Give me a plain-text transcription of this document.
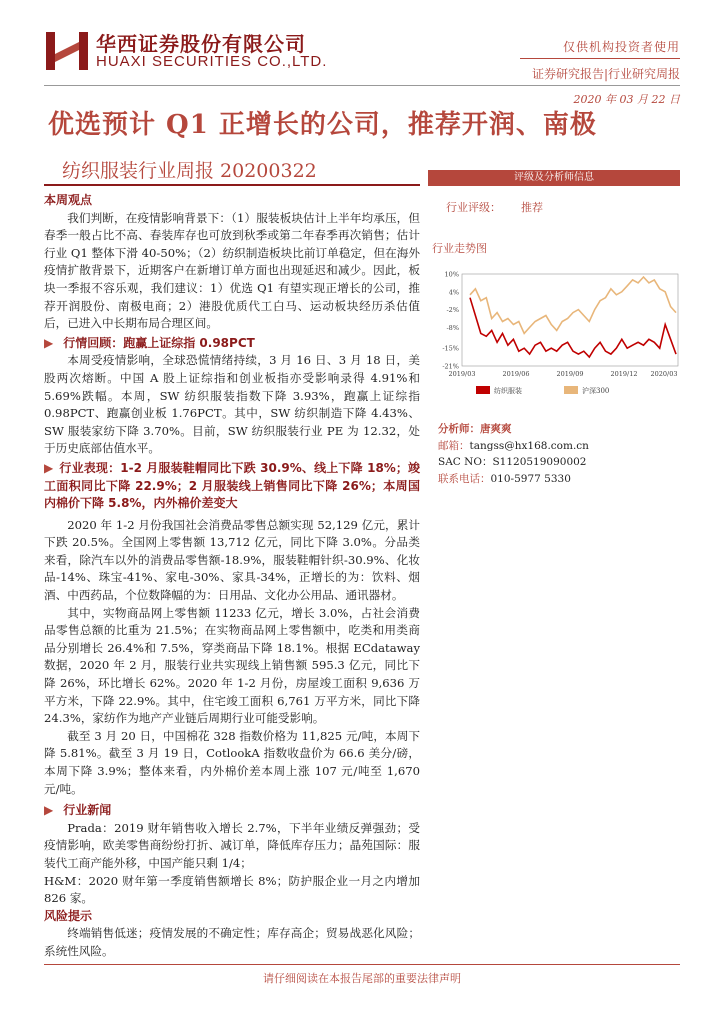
华西证券股份有限公司
HUAXI SECURITIES CO.,LTD.
仅供机构投资者使用
证券研究报告|行业研究周报
2020 年 03 月 22 日
优选预计 Q1 正增长的公司，推荐开润、南极
纺织服装行业周报 20200322

本周观点

我们判断，在疫情影响背景下：（1）服装板块估计上半年均承压，但春季一般占比不高、春装库存也可放到秋季或第二年春季再次销售；估计行业 Q1 整体下滑 40-50%；（2）纺织制造板块比前订单稳定，但在海外疫情扩散背景下，近期客户在新增订单方面也出现延迟和减少。因此，板块一季报不容乐观，我们建议：1）优选 Q1 有望实现正增长的公司，推荐开润股份、南极电商；2）港股优质代工白马、运动板块经历杀估值后，已进入中长期布局合理区间。

▶ 行情回顾：跑赢上证综指 0.98PCT

本周受疫情影响，全球恐慌情绪持续，3 月 16 日、3 月 18 日，美股两次熔断。中国 A 股上证综指和创业板指亦受影响录得 4.91%和 5.69%跌幅。本周，SW 纺织服装指数下降 3.93%，跑赢上证综指 0.98PCT、跑赢创业板 1.76PCT。其中，SW 纺织制造下降 4.43%、SW 服装家纺下降 3.70%。目前，SW 纺织服装行业 PE 为 12.32，处于历史底部估值水平。

▶ 行业表现：1-2 月服装鞋帽同比下跌 30.9%、线上下降 18%；竣工面积同比下降 22.9%；2 月服装线上销售同比下降 26%；本周国内棉价下降 5.8%，内外棉价差变大

2020 年 1-2 月份我国社会消费品零售总额实现 52,129 亿元，累计下跌 20.5%。全国网上零售额 13,712 亿元，同比下降 3.0%。分品类来看，除汽车以外的消费品零售额-18.9%，服装鞋帽针织-30.9%、化妆品-14%、珠宝-41%、家电-30%、家具-34%，正增长的为：饮料、烟酒、中西药品，个位数降幅的为：日用品、文化办公用品、通讯器材。

其中，实物商品网上零售额 11233 亿元，增长 3.0%，占社会消费品零售总额的比重为 21.5%；在实物商品网上零售额中，吃类和用类商品分别增长 26.4%和 7.5%，穿类商品下降 18.1%。根据 ECdataway 数据，2020 年 2 月，服装行业共实现线上销售额 595.3 亿元，同比下降 26%，环比增长 62%。2020 年 1-2 月份，房屋竣工面积 9,636 万平方米，下降 22.9%。其中，住宅竣工面积 6,761 万平方米，同比下降 24.3%，家纺作为地产产业链后周期行业可能受影响。

截至 3 月 20 日，中国棉花 328 指数价格为 11,825 元/吨，本周下降 5.81%。截至 3 月 19 日，CotlookA 指数收盘价为 66.6 美分/磅，本周下降 3.9%；整体来看，内外棉价差本周上涨 107 元/吨至 1,670 元/吨。

▶ 行业新闻

Prada：2019 财年销售收入增长 2.7%，下半年业绩反弹强劲；受疫情影响，欧美零售商纷纷打折、减订单，降低库存压力；晶苑国际：服装代工商产能外移，中国产能只剩 1/4；

H&M：2020 财年第一季度销售额增长 8%；防护服企业一月之内增加 826 家。

风险提示

终端销售低迷；疫情发展的不确定性；库存高企；贸易战恶化风险；系统性风险。

评级及分析师信息
行业评级： 推荐
行业走势图
10%
4%
-2%
-8%
-15%
-21%
2019/03	2019/06	2019/09	2019/12 2020/03
纺织服装	沪深300
分析师：唐爽爽
邮箱：tangss@hx168.com.cn
SAC NO：S1120519090002
联系电话：010-5977 5330
请仔细阅读在本报告尾部的重要法律声明
